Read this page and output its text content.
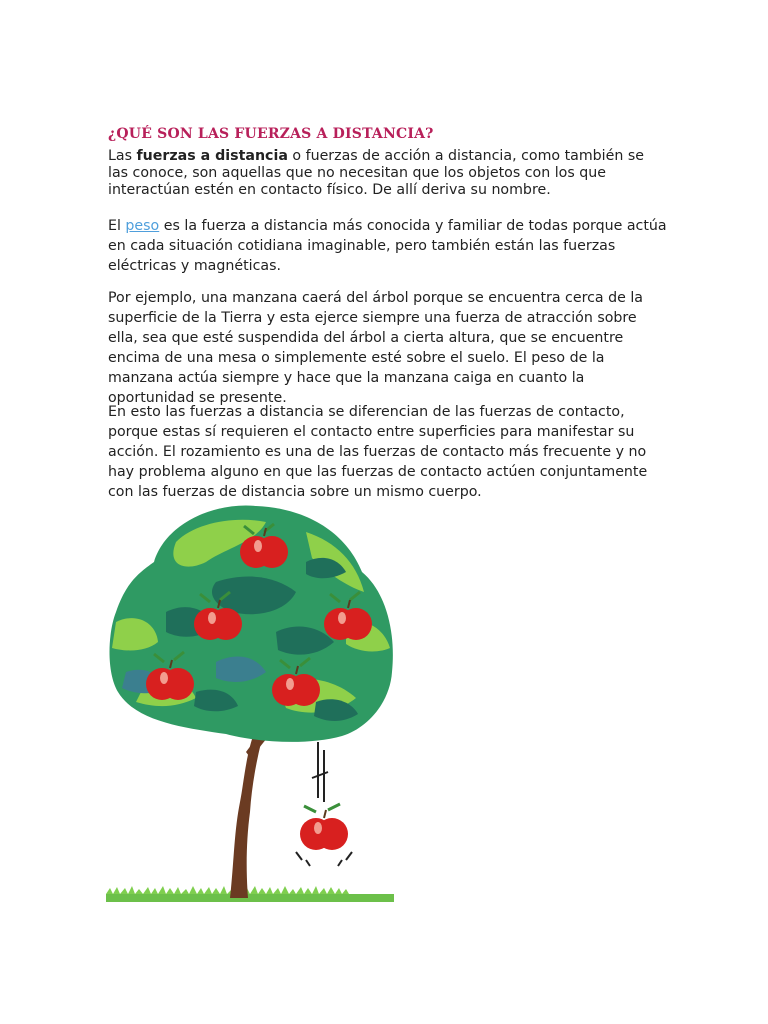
¿QUÉ SON LAS FUERZAS A DISTANCIA?

Las fuerzas a distancia o fuerzas de acción a distancia, como también se las conoce, son aquellas que no necesitan que los objetos con los que interactúan estén en contacto físico. De allí deriva su nombre.

El peso es la fuerza a distancia más conocida y familiar de todas porque actúa en cada situación cotidiana imaginable, pero también están las fuerzas eléctricas y magnéticas.

Por ejemplo, una manzana caerá del árbol porque se encuentra cerca de la superficie de la Tierra y esta ejerce siempre una fuerza de atracción sobre ella, sea que esté suspendida del árbol a cierta altura, que se encuentre encima de una mesa o simplemente esté sobre el suelo. El peso de la manzana actúa siempre y hace que la manzana caiga en cuanto la oportunidad se presente.

En esto las fuerzas a distancia se diferencian de las fuerzas de contacto, porque estas sí requieren el contacto entre superficies para manifestar su acción. El rozamiento es una de las fuerzas de contacto más frecuente y no hay problema alguno en que las fuerzas de contacto actúen conjuntamente con las fuerzas de distancia sobre un mismo cuerpo.
